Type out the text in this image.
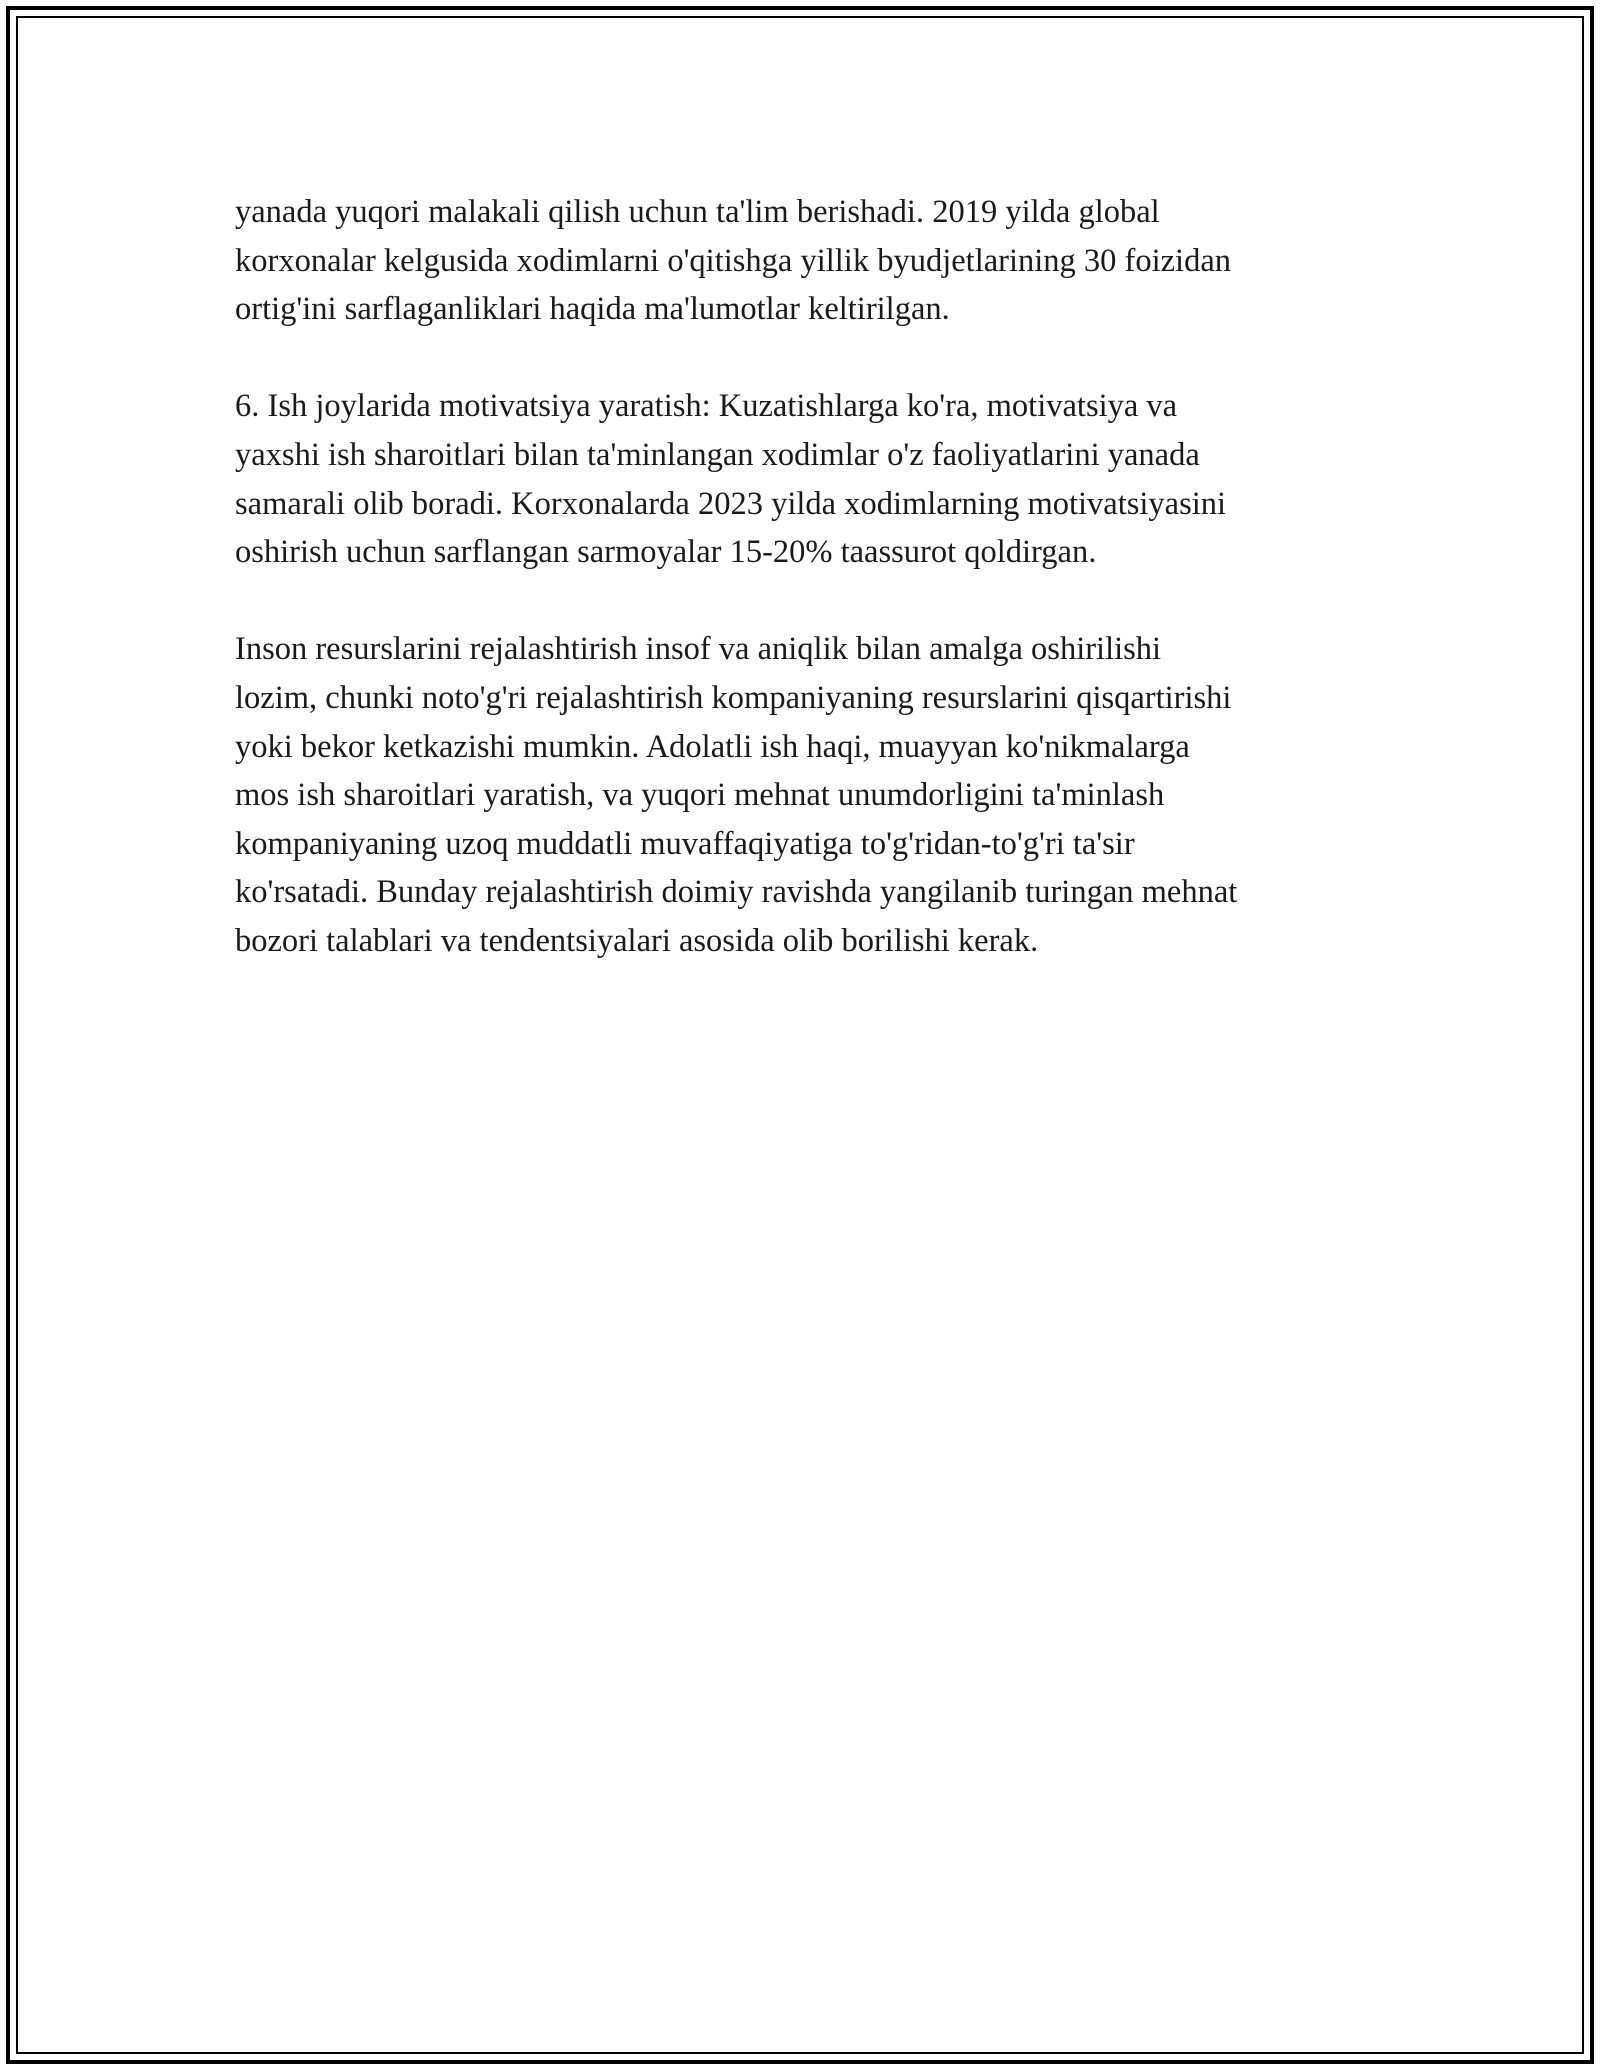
yanada yuqori malakali qilish uchun ta'lim berishadi. 2019 yilda global
korxonalar kelgusida xodimlarni o'qitishga yillik byudjetlarining 30 foizidan
ortig'ini sarflaganliklari haqida ma'lumotlar keltirilgan.

6. Ish joylarida motivatsiya yaratish: Kuzatishlarga ko'ra, motivatsiya va
yaxshi ish sharoitlari bilan ta'minlangan xodimlar o'z faoliyatlarini yanada
samarali olib boradi. Korxonalarda 2023 yilda xodimlarning motivatsiyasini
oshirish uchun sarflangan sarmoyalar 15-20% taassurot qoldirgan.

Inson resurslarini rejalashtirish insof va aniqlik bilan amalga oshirilishi
lozim, chunki noto'g'ri rejalashtirish kompaniyaning resurslarini qisqartirishi
yoki bekor ketkazishi mumkin. Adolatli ish haqi, muayyan ko'nikmalarga
mos ish sharoitlari yaratish, va yuqori mehnat unumdorligini ta'minlash
kompaniyaning uzoq muddatli muvaffaqiyatiga to'g'ridan-to'g'ri ta'sir
ko'rsatadi. Bunday rejalashtirish doimiy ravishda yangilanib turingan mehnat
bozori talablari va tendentsiyalari asosida olib borilishi kerak.
